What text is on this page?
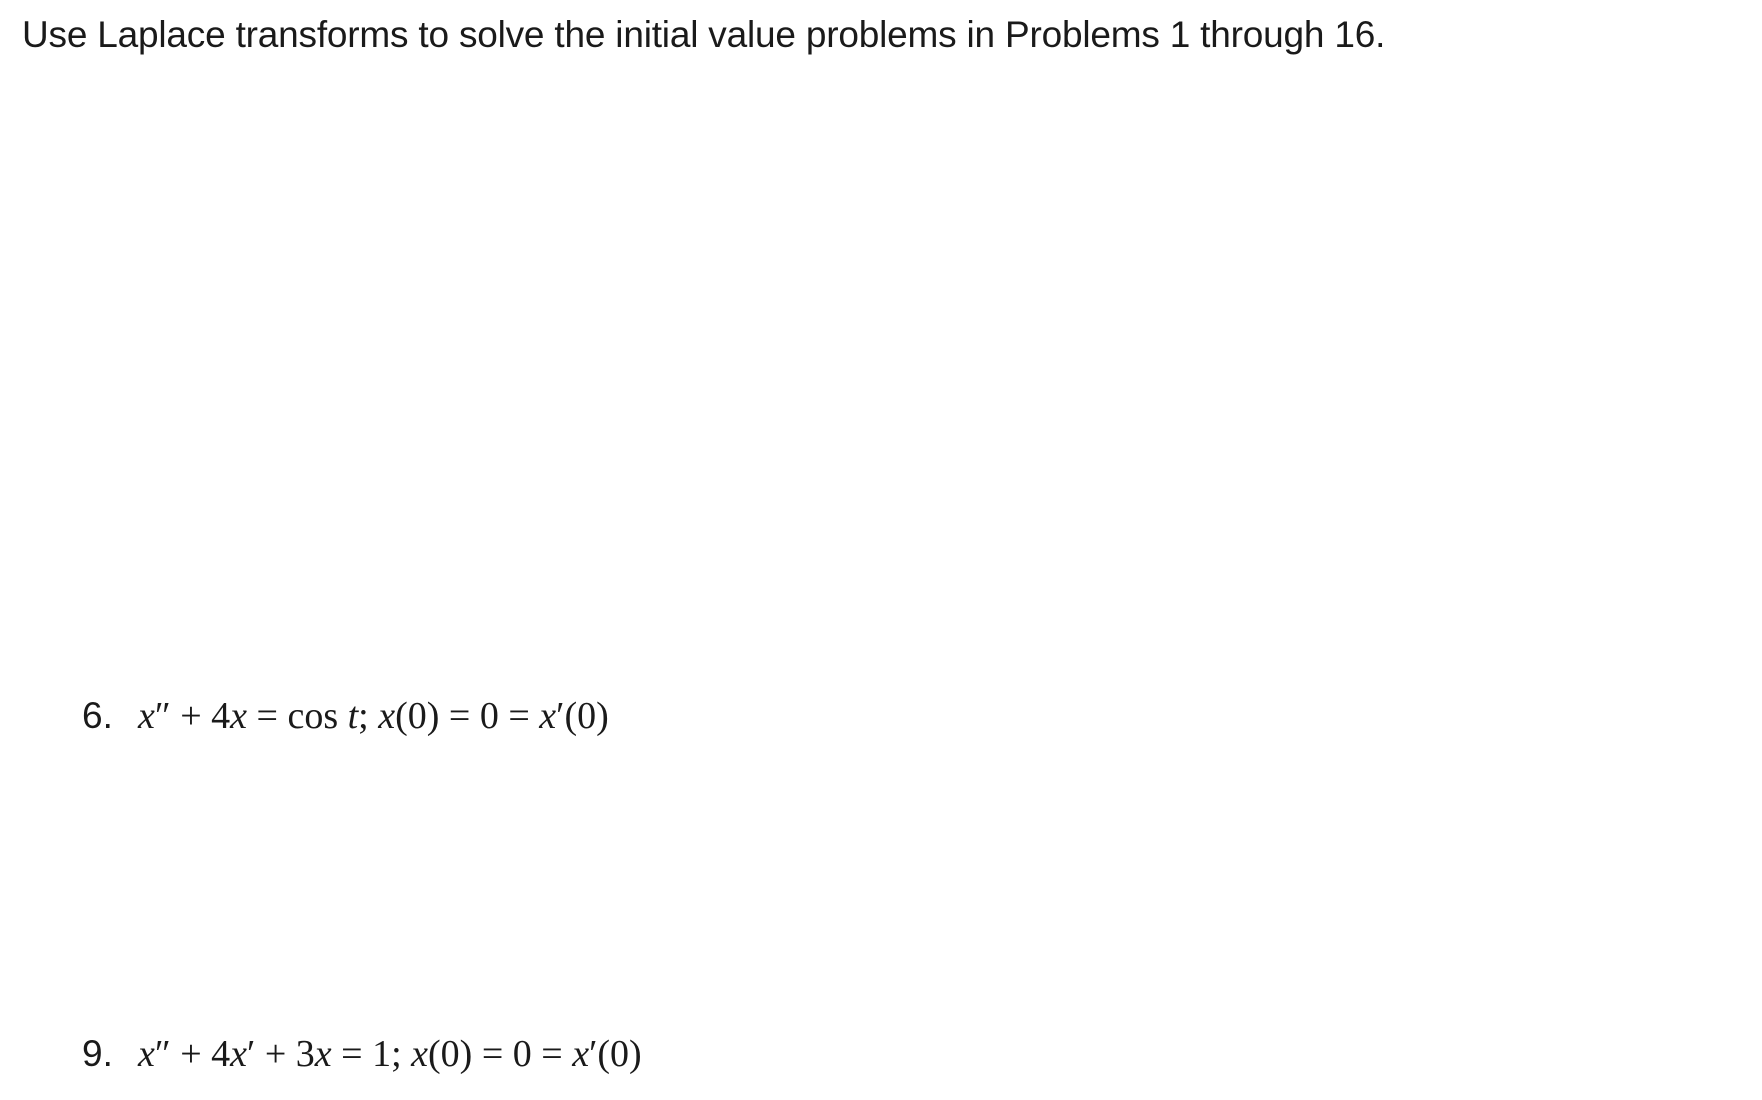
Use Laplace transforms to solve the initial value problems in Problems 1 through 16.

6. x″ + 4x = cos t; x(0) = 0 = x′(0)
9. x″ + 4x′ + 3x = 1; x(0) = 0 = x′(0)
